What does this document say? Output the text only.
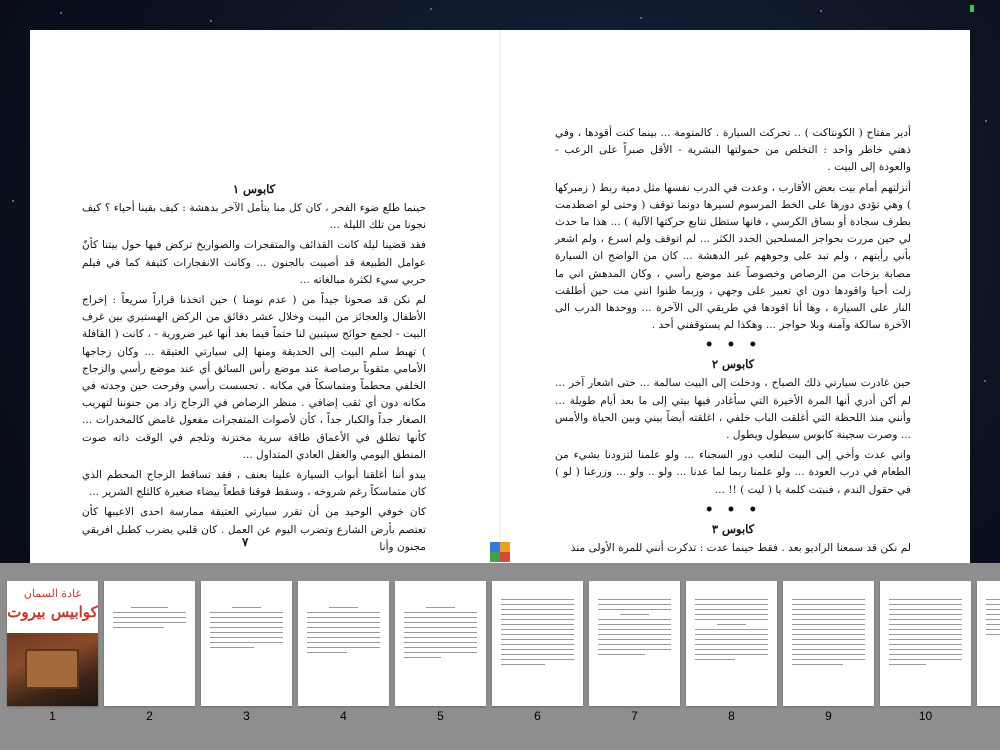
كابوس ١

حينما طلع ضوء الفجر ، كان كل منا يتأمل الآخر بدهشة : كيف بقينا أحياء ؟ كيف نجونا من تلك الليلة ...

فقد قضينا ليلة كانت القذائف والمتفجرات والصواريخ تركض فيها حول بيتنا كأنّ عوامل الطبيعة قد أصيبت بالجنون ... وكانت الانفجارات كثيفة كما في فيلم حربي سيء لكثرة مبالغاته ...

لم نكن قد صحونا جيداً من ( عدم نومنا ) حين اتخذنا قراراً سريعاً : إخراج الأطفال والعجائز من البيت وخلال عشر دقائق من الركض الهستيري بين غرف البيت - لجمع حوائج سيتبين لنا حتماً فيما بعد أنها غير ضرورية - ، كانت ( القافلة ) تهبط سلم البيت إلى الحديقة ومنها إلى سيارتي العتيقة ... وكان زجاجها الأمامي مثقوباً برصاصة عند موضع رأس السائق أي عند موضع رأسي والزجاج الخلفي محطماً ومتماسكاً في مكانه . تحسست رأسي وفرحت حين وجدته في مكانه دون أي ثقب إضافي . منظر الرصاص في الزجاج زاد من جنوننا لتهريب الصغار جداً والكبار جداً ، كأن لأصوات المتفجرات مفعول غامض كالمخدرات ... كأنها تطلق في الأعماق طاقة سرية مختزنة وتلجم في الوقت ذاته صوت المنطق اليومي والعقل العادي المتداول ...

يبدو أننا أغلقنا أبواب السيارة علينا بعنف ، فقد تساقط الزجاج المحطم الذي كان متماسكاً رغم شروخه ، وسقط فوقنا قطعاً بيضاء صغيرة كالثلج الشرير ...

كان خوفي الوحيد من أن تقرر سيارتي العتيقة ممارسة احدى الاعيبها كأن تعتصم بأرض الشارع وتضرب اليوم عن العمل . كان قلبي يضرب كطبل افريقي مجنون وأنا

٧

أدير مفتاح ( الكونتاكت ) .. تحركت السيارة . كالمتومة ... بينما كنت أقودها ، وفي ذهني خاطر واحد : التخلص من حمولتها البشرية - الأقل صبراً على الرعب - والعودة إلى البيت .

أنزلتهم أمام بيت بعض الأقارب ، وعدت في الدرب نفسها مثل دمية ربط ( زمبركها ) وهي تؤدي دورها على الخط المرسوم لسيرها دونما توقف ( وحتى لو اصطدمت بطرف سجادة أو بساق الكرسي ، فانها ستظل تتابع حركتها الآلية ) ... هذا ما حدث لي حين مررت بحواجز المسلحين الجدد الكثر ... لم اتوقف ولم اسرع ، ولم اشعر بأني رأيتهم ، ولم تبد على وجوههم غير الدهشة ... كان من الواضح ان السيارة مصابة بزخات من الرصاص وخصوصاً عند موضع رأسي ، وكان المدهش اني ما زلت أحيا واقودها دون اي تعبير على وجهي ، وربما ظنوا انني مت حين أطلقت النار على السيارة ، وها أنا اقودها في طريقي الى الآخرة ... ووحدها الدرب الى الآخرة سالكة وآمنة وبلا حواجز ... وهكذا لم يستوقفني أحد .

• • •
كابوس ٢

حين غادرت سيارتي ذلك الصباح ، ودخلت إلى البيت سالمة ... حتى اشعار آخر ... لم أكن أدري أنها المرة الأخيرة التي سأغادر فيها بيتي إلى ما بعد أيام طويلة ... وأنني منذ اللحظة التي أغلقت الباب خلفي ، اغلقته أيضاً بيني وبين الحياة والأمس ... وصرت سجينة كابوس سيطول ويطول .

واني عدت وأخي إلى البيت لنلعب دور السجناء ... ولو علمنا لتزودنا بشيء من الطعام في درب العودة ... ولو علمنا ربما لما عدنا ... ولو .. ولو ... وزرعنا ( لو ) في حقول الندم ، فنبتت كلمة يا ( ليت ) !! ...

• • •
كابوس ٣

لم نكن قد سمعنا الراديو بعد . فقط حينما عدت : تذكرت أنني للمرة الأولى منذ

غادة السمان
كوابيس بيروت
1	2	3	4	5	6	7	8	9	10
